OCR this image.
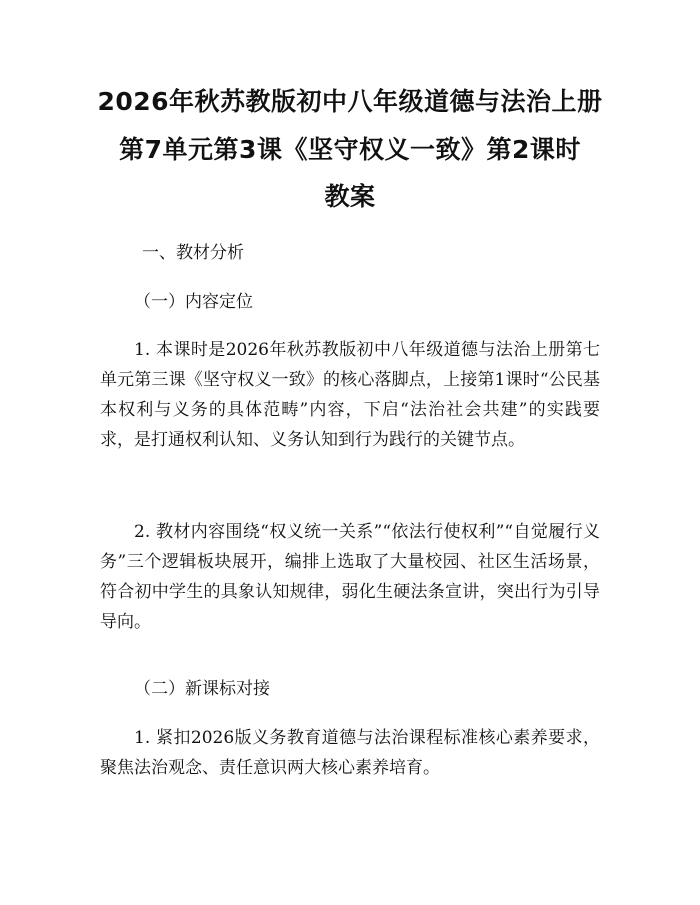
2026年秋苏教版初中八年级道德与法治上册
第7单元第3课《坚守权义一致》第2课时
教案
一、教材分析
（一）内容定位
1. 本课时是2026年秋苏教版初中八年级道德与法治上册第七单元第三课《坚守权义一致》的核心落脚点，上接第1课时“公民基本权利与义务的具体范畴”内容，下启“法治社会共建”的实践要求，是打通权利认知、义务认知到行为践行的关键节点。
2. 教材内容围绕“权义统一关系”“依法行使权利”“自觉履行义务”三个逻辑板块展开，编排上选取了大量校园、社区生活场景，符合初中学生的具象认知规律，弱化生硬法条宣讲，突出行为引导导向。
（二）新课标对接
1. 紧扣2026版义务教育道德与法治课程标准核心素养要求，聚焦法治观念、责任意识两大核心素养培育。
